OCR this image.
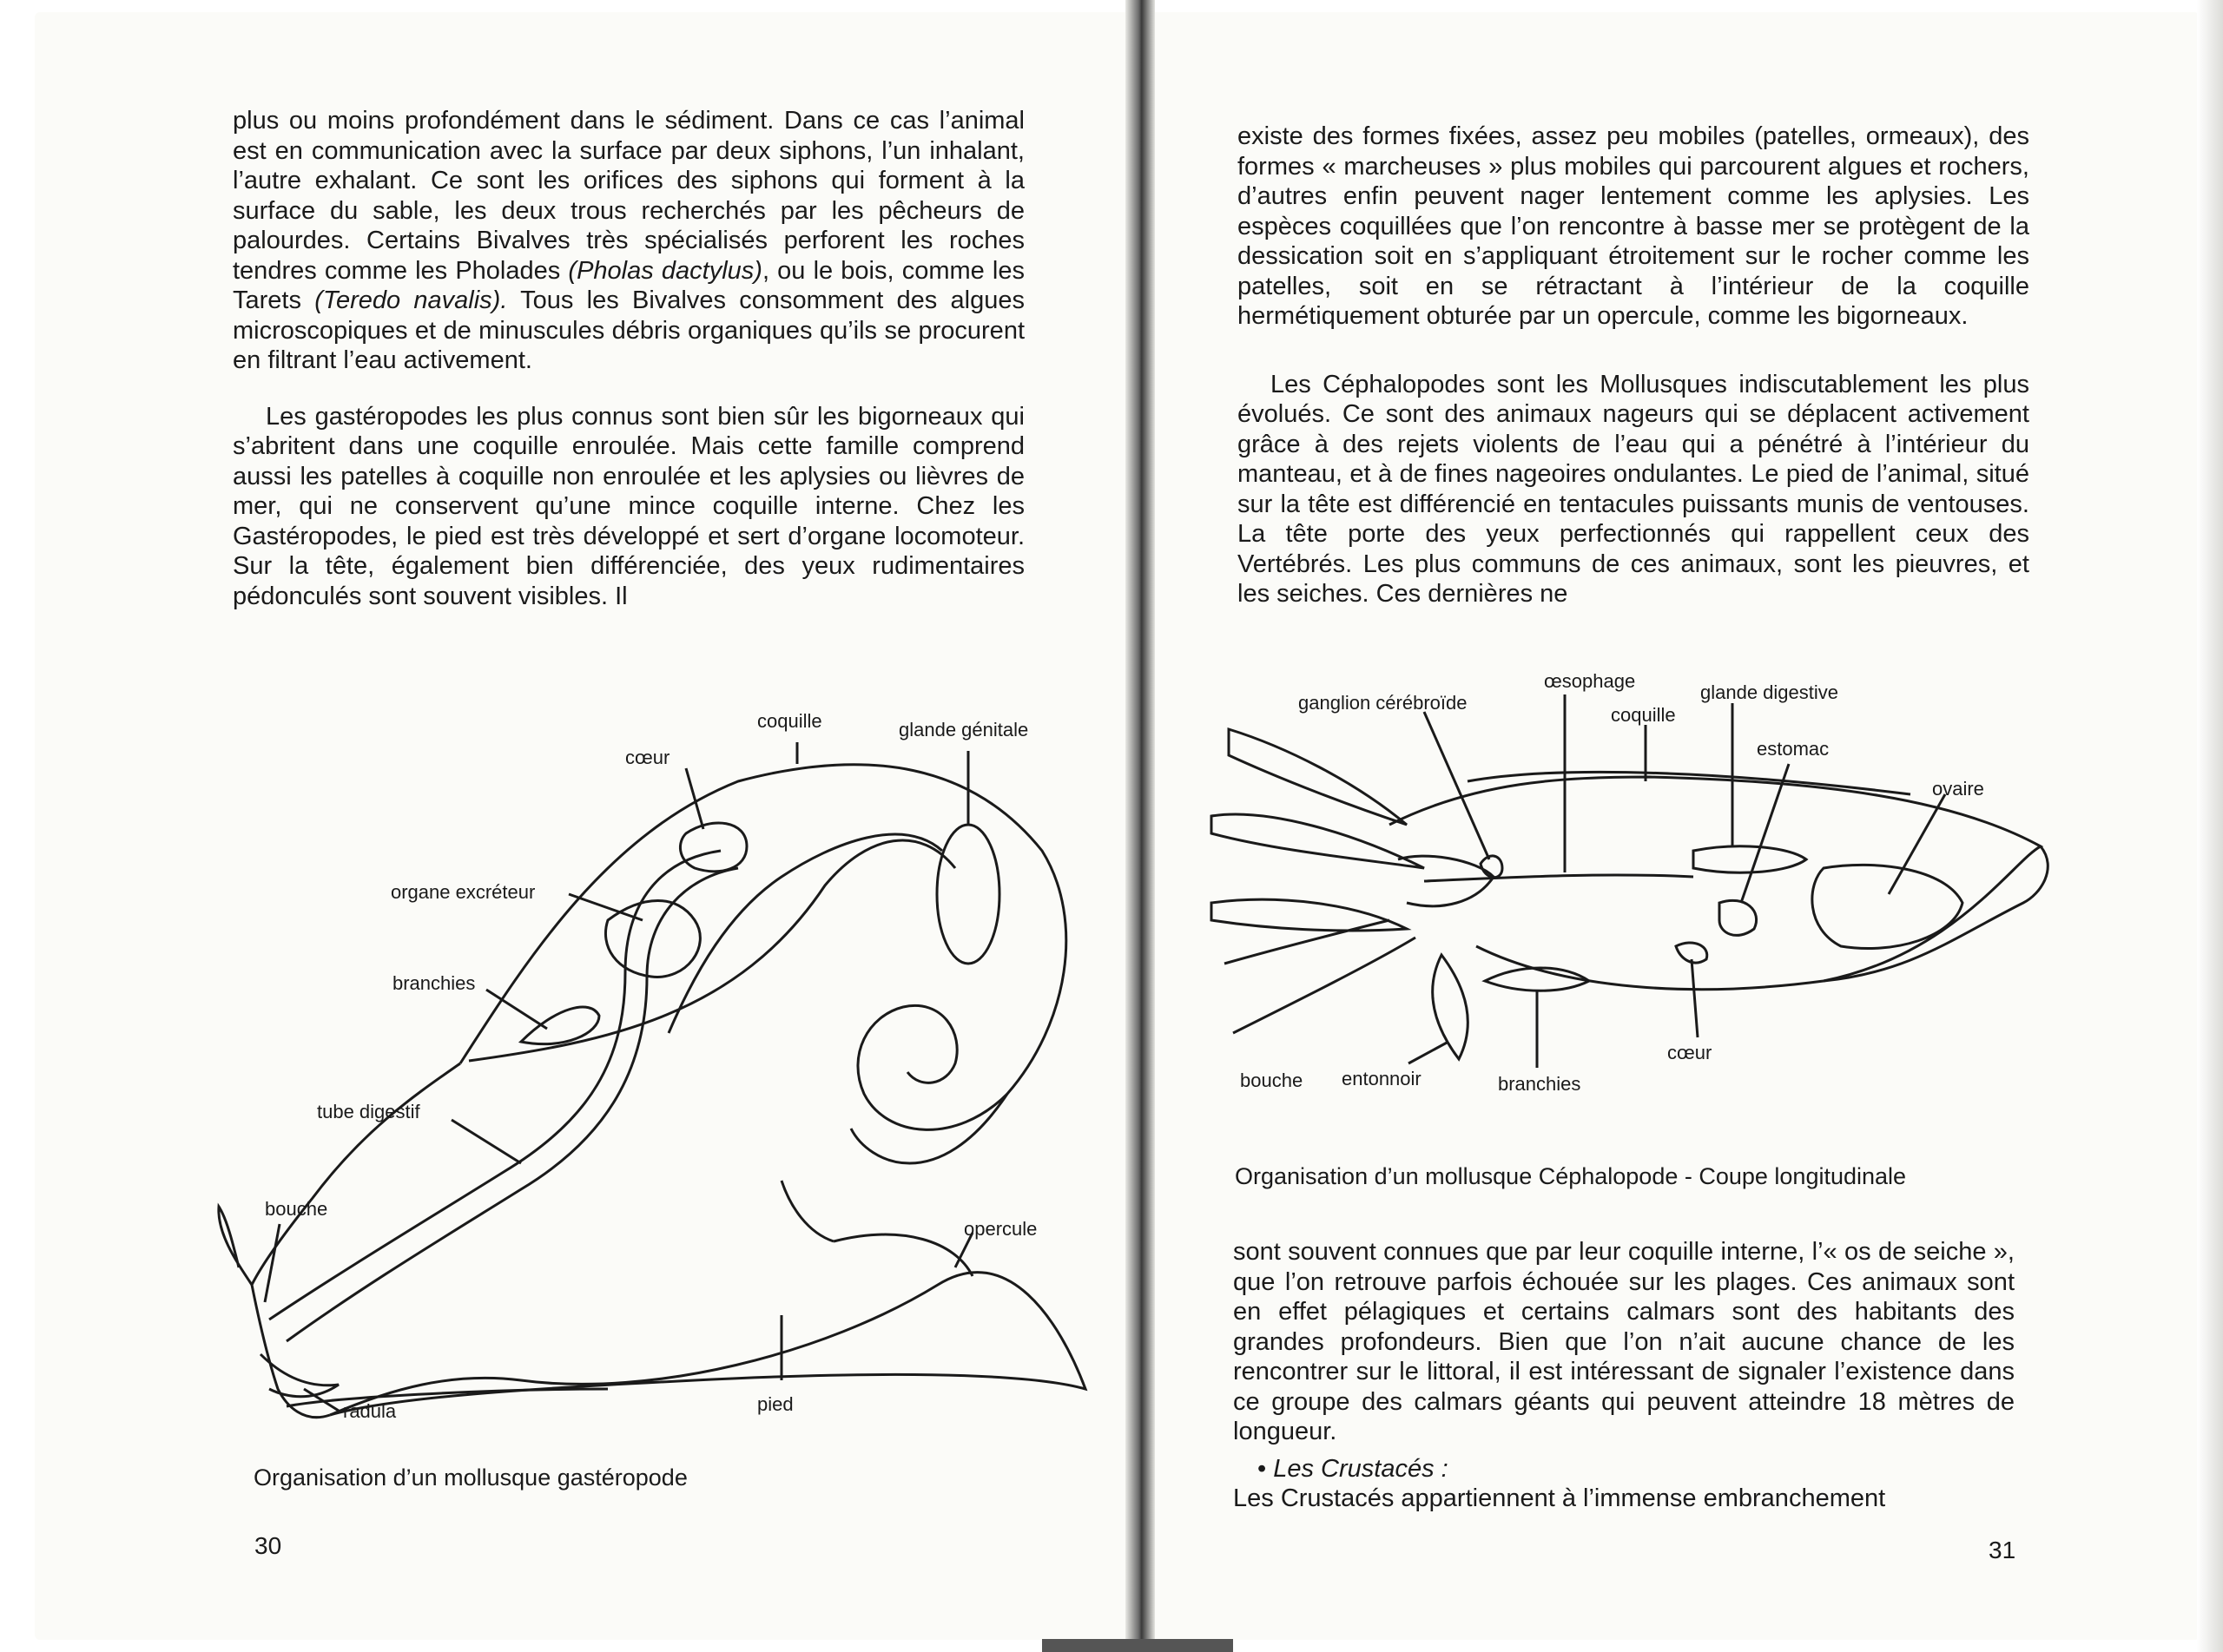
plus ou moins profondément dans le sédiment. Dans ce cas l’animal est en communication avec la surface par deux siphons, l’un inhalant, l’autre exhalant. Ce sont les orifices des siphons qui forment à la surface du sable, les deux trous recherchés par les pêcheurs de palourdes. Certains Bivalves très spécialisés perforent les roches tendres comme les Pholades (Pholas dactylus), ou le bois, comme les Tarets (Teredo navalis). Tous les Bivalves consomment des algues microscopiques et de minuscules débris organiques qu’ils se procurent en filtrant l’eau activement.

Les gastéropodes les plus connus sont bien sûr les bigorneaux qui s’abritent dans une coquille enroulée. Mais cette famille comprend aussi les patelles à coquille non enroulée et les aplysies ou lièvres de mer, qui ne conservent qu’une mince coquille interne. Chez les Gastéropodes, le pied est très développé et sert d’organe locomoteur. Sur la tête, également bien différenciée, des yeux rudimentaires pédonculés sont souvent visibles. Il

coquille	glande génitale
cœur
organe excréteur
branchies
tube digestif
bouche
opercule
radula	pied
Organisation d’un mollusque gastéropode
30

existe des formes fixées, assez peu mobiles (patelles, ormeaux), des formes « marcheuses » plus mobiles qui parcourent algues et rochers, d’autres enfin peuvent nager lentement comme les aplysies. Les espèces coquillées que l’on rencontre à basse mer se protègent de la dessication soit en s’appliquant étroitement sur le rocher comme les patelles, soit en se rétractant à l’intérieur de la coquille hermétiquement obturée par un opercule, comme les bigorneaux.

Les Céphalopodes sont les Mollusques indiscutablement les plus évolués. Ce sont des animaux nageurs qui se déplacent activement grâce à des rejets violents de l’eau qui a pénétré à l’intérieur du manteau, et à de fines nageoires ondulantes. Le pied de l’animal, situé sur la tête est différencié en tentacules puissants munis de ventouses. La tête porte des yeux perfectionnés qui rappellent ceux des Vertébrés. Les plus communs de ces animaux, sont les pieuvres, et les seiches. Ces dernières ne

œsophage
ganglion cérébroïde	glande digestive
coquille
estomac
ovaire
cœur
bouche entonnoir	branchies
Organisation d’un mollusque Céphalopode - Coupe longitudinale

sont souvent connues que par leur coquille interne, l’« os de seiche », que l’on retrouve parfois échouée sur les plages. Ces animaux sont en effet pélagiques et certains calmars sont des habitants des grandes profondeurs. Bien que l’on n’ait aucune chance de les rencontrer sur le littoral, il est intéressant de signaler l’existence dans ce groupe des calmars géants qui peuvent atteindre 18 mètres de longueur.

• Les Crustacés :

Les Crustacés appartiennent à l’immense embranchement

31
